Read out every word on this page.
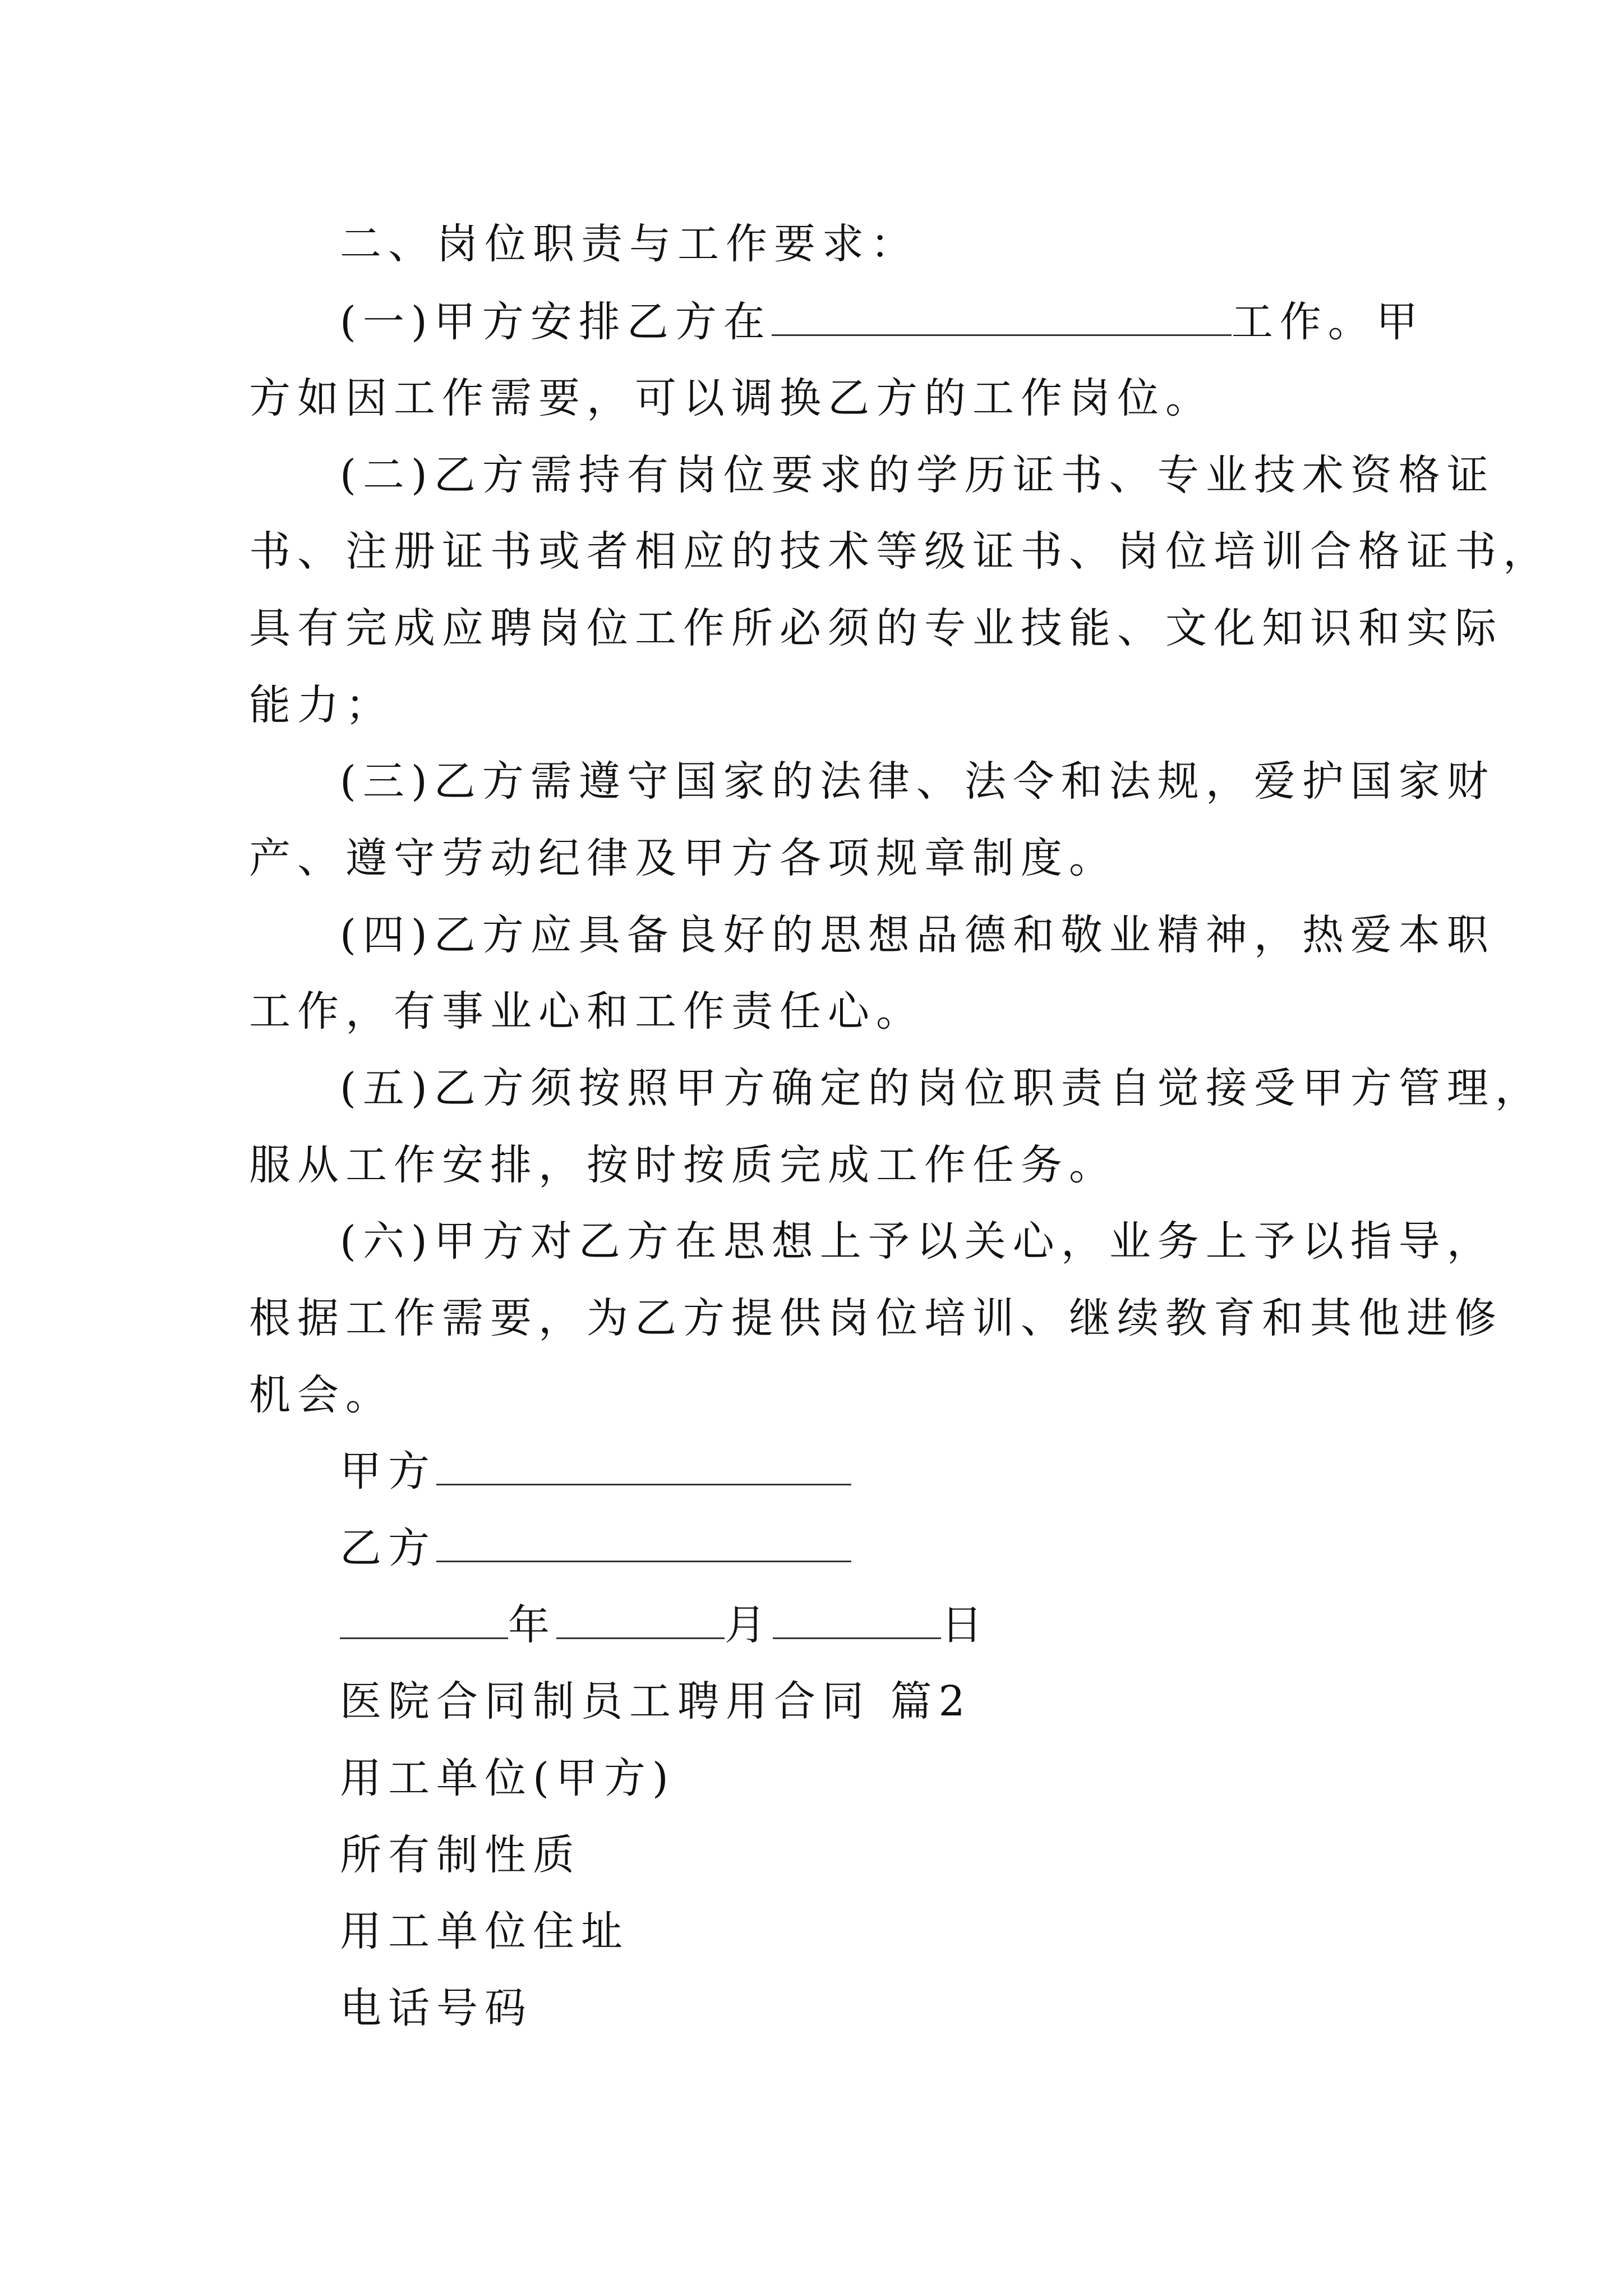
二、岗位职责与工作要求：
(一)甲方安排乙方在	工作。甲
方如因工作需要，可以调换乙方的工作岗位。
(二)乙方需持有岗位要求的学历证书、专业技术资格证
书、注册证书或者相应的技术等级证书、岗位培训合格证书，
具有完成应聘岗位工作所必须的专业技能、文化知识和实际
能力；
(三)乙方需遵守国家的法律、法令和法规，爱护国家财
产、遵守劳动纪律及甲方各项规章制度。
(四)乙方应具备良好的思想品德和敬业精神，热爱本职
工作，有事业心和工作责任心。
(五)乙方须按照甲方确定的岗位职责自觉接受甲方管理，
服从工作安排，按时按质完成工作任务。
(六)甲方对乙方在思想上予以关心，业务上予以指导，
根据工作需要，为乙方提供岗位培训、继续教育和其他进修
机会。
甲方
乙方
年	月	日
医院合同制员工聘用合同 篇2
用工单位(甲方)
所有制性质
用工单位住址
电话号码
